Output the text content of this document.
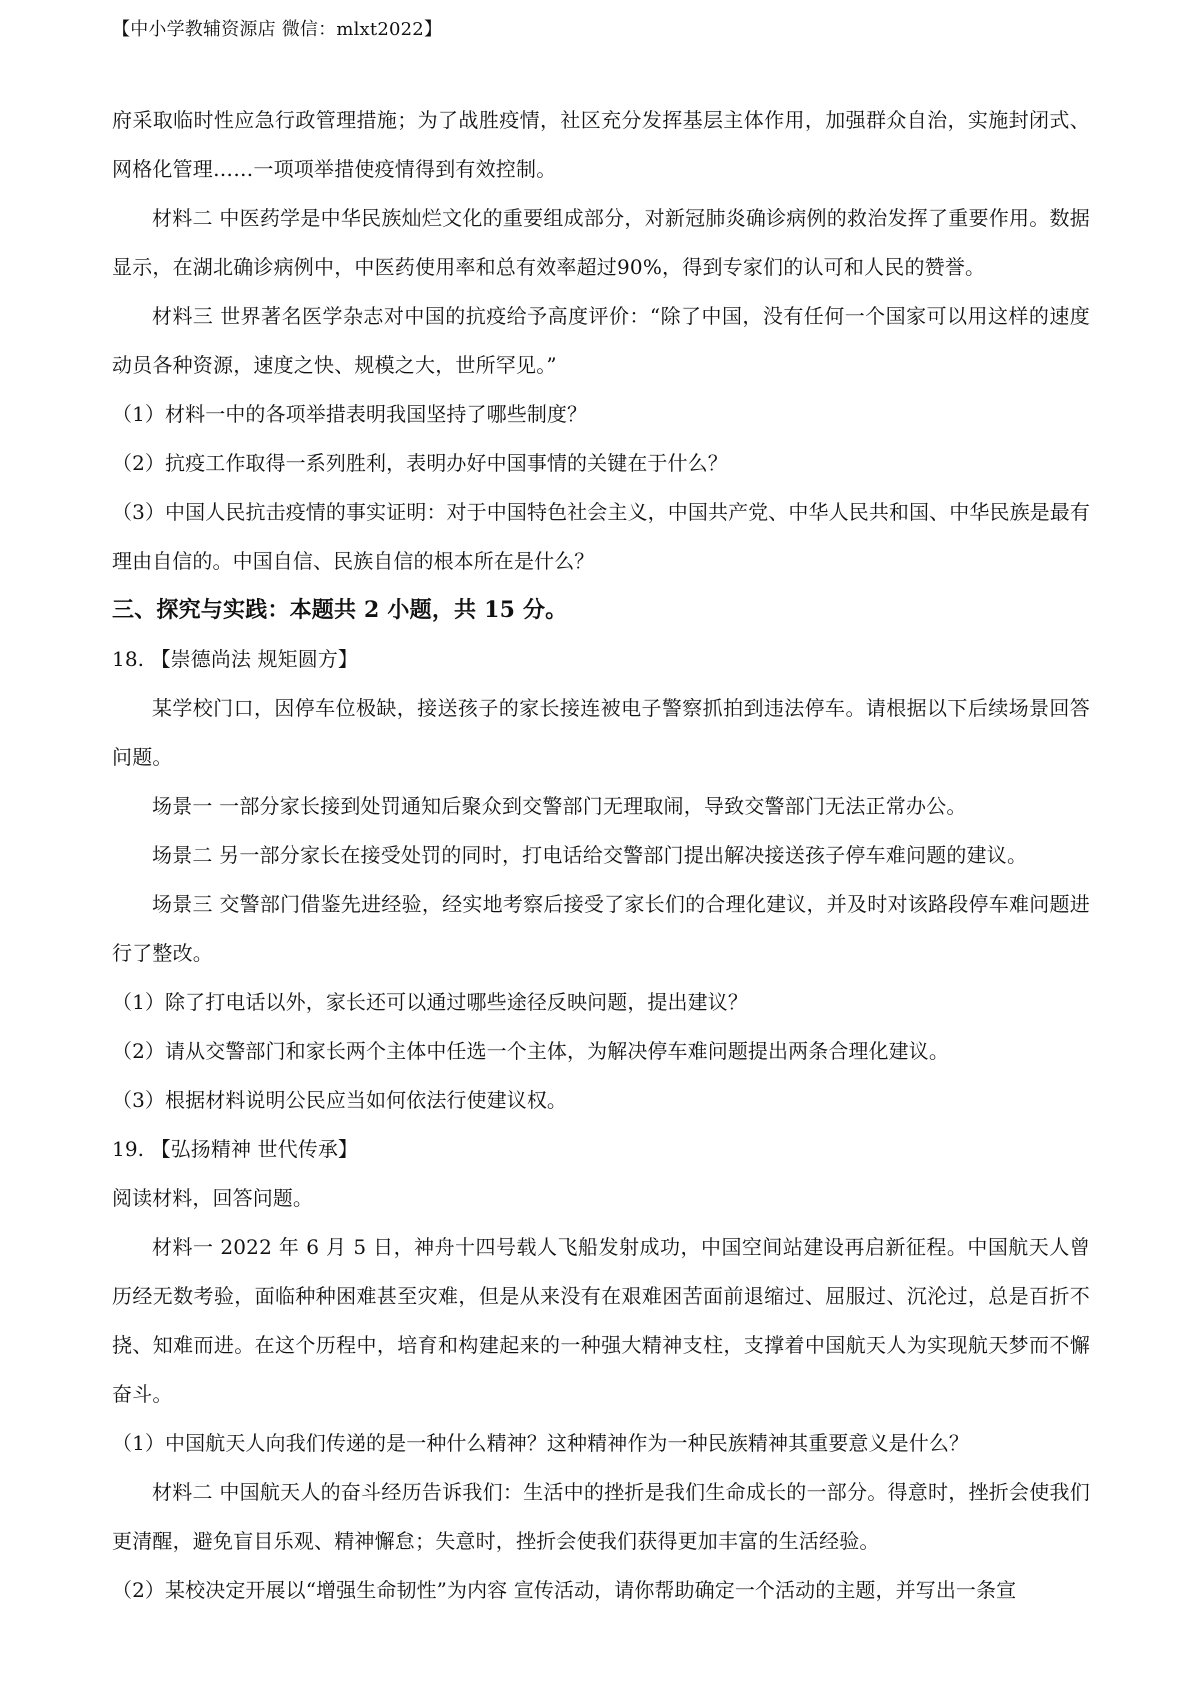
【中小学教辅资源店 微信：mlxt2022】

府采取临时性应急行政管理措施；为了战胜疫情，社区充分发挥基层主体作用，加强群众自治，实施封闭式、网格化管理……一项项举措使疫情得到有效控制。

材料二 中医药学是中华民族灿烂文化的重要组成部分，对新冠肺炎确诊病例的救治发挥了重要作用。数据显示，在湖北确诊病例中，中医药使用率和总有效率超过90%，得到专家们的认可和人民的赞誉。

材料三 世界著名医学杂志对中国的抗疫给予高度评价：“除了中国，没有任何一个国家可以用这样的速度动员各种资源，速度之快、规模之大，世所罕见。”

（1）材料一中的各项举措表明我国坚持了哪些制度？

（2）抗疫工作取得一系列胜利，表明办好中国事情的关键在于什么？

（3）中国人民抗击疫情的事实证明：对于中国特色社会主义，中国共产党、中华人民共和国、中华民族是最有理由自信的。中国自信、民族自信的根本所在是什么？

三、探究与实践：本题共 2 小题，共 15 分。

18. 【崇德尚法 规矩圆方】

某学校门口，因停车位极缺，接送孩子的家长接连被电子警察抓拍到违法停车。请根据以下后续场景回答问题。

场景一 一部分家长接到处罚通知后聚众到交警部门无理取闹，导致交警部门无法正常办公。

场景二 另一部分家长在接受处罚的同时，打电话给交警部门提出解决接送孩子停车难问题的建议。

场景三 交警部门借鉴先进经验，经实地考察后接受了家长们的合理化建议，并及时对该路段停车难问题进行了整改。

（1）除了打电话以外，家长还可以通过哪些途径反映问题，提出建议？

（2）请从交警部门和家长两个主体中任选一个主体，为解决停车难问题提出两条合理化建议。

（3）根据材料说明公民应当如何依法行使建议权。

19. 【弘扬精神 世代传承】

阅读材料，回答问题。

材料一 2022 年 6 月 5 日，神舟十四号载人飞船发射成功，中国空间站建设再启新征程。中国航天人曾历经无数考验，面临种种困难甚至灾难，但是从来没有在艰难困苦面前退缩过、屈服过、沉沦过，总是百折不挠、知难而进。在这个历程中，培育和构建起来的一种强大精神支柱，支撑着中国航天人为实现航天梦而不懈奋斗。

（1）中国航天人向我们传递的是一种什么精神？这种精神作为一种民族精神其重要意义是什么？

材料二 中国航天人的奋斗经历告诉我们：生活中的挫折是我们生命成长的一部分。得意时，挫折会使我们更清醒，避免盲目乐观、精神懈怠；失意时，挫折会使我们获得更加丰富的生活经验。

（2）某校决定开展以“增强生命韧性”为内容 宣传活动，请你帮助确定一个活动的主题，并写出一条宣
